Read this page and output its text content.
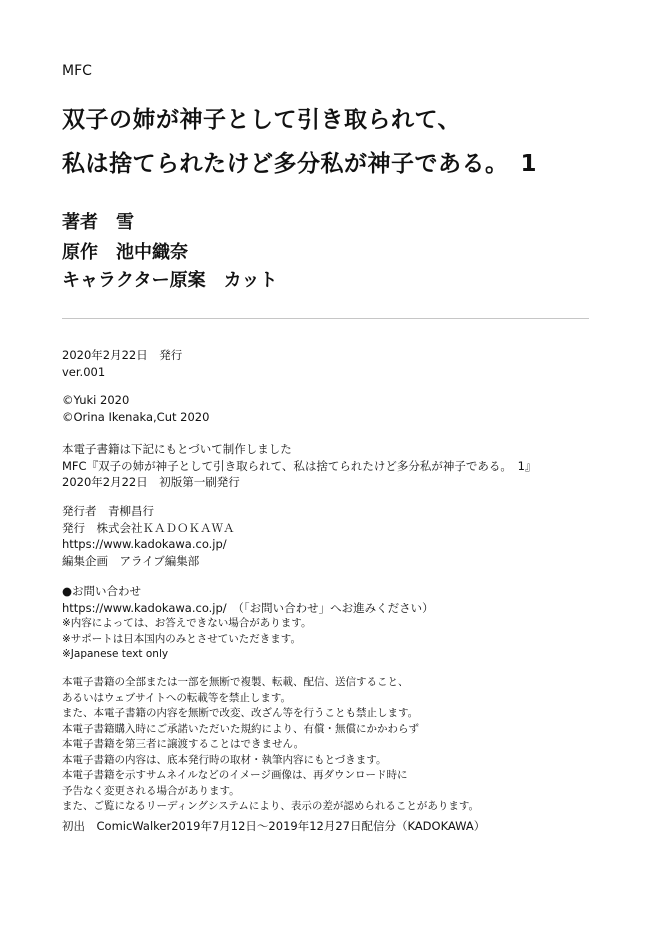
MFC
双子の姉が神子として引き取られて、
私は捨てられたけど多分私が神子である。　1
著者　雪
原作　池中織奈
キャラクター原案　カット
2020年2月22日　発行
ver.001
©Yuki 2020
©Orina Ikenaka,Cut 2020
本電子書籍は下記にもとづいて制作しました
MFC『双子の姉が神子として引き取られて、私は捨てられたけど多分私が神子である。　1』
2020年2月22日　初版第一刷発行
発行者　青柳昌行
発行　株式会社ＫＡＤＯＫＡＷＡ
https://www.kadokawa.co.jp/
編集企画　アライブ編集部
●お問い合わせ
https://www.kadokawa.co.jp/　（「お問い合わせ」へお進みください）
※内容によっては、お答えできない場合があります。
※サポートは日本国内のみとさせていただきます。
※Japanese text only
本電子書籍の全部または一部を無断で複製、転載、配信、送信すること、
あるいはウェブサイトへの転載等を禁止します。
また、本電子書籍の内容を無断で改変、改ざん等を行うことも禁止します。
本電子書籍購入時にご承諾いただいた規約により、有償・無償にかかわらず
本電子書籍を第三者に譲渡することはできません。
本電子書籍の内容は、底本発行時の取材・執筆内容にもとづきます。
本電子書籍を示すサムネイルなどのイメージ画像は、再ダウンロード時に
予告なく変更される場合があります。
また、ご覧になるリーディングシステムにより、表示の差が認められることがあります。
初出　ComicWalker2019年7月12日〜2019年12月27日配信分（KADOKAWA）
